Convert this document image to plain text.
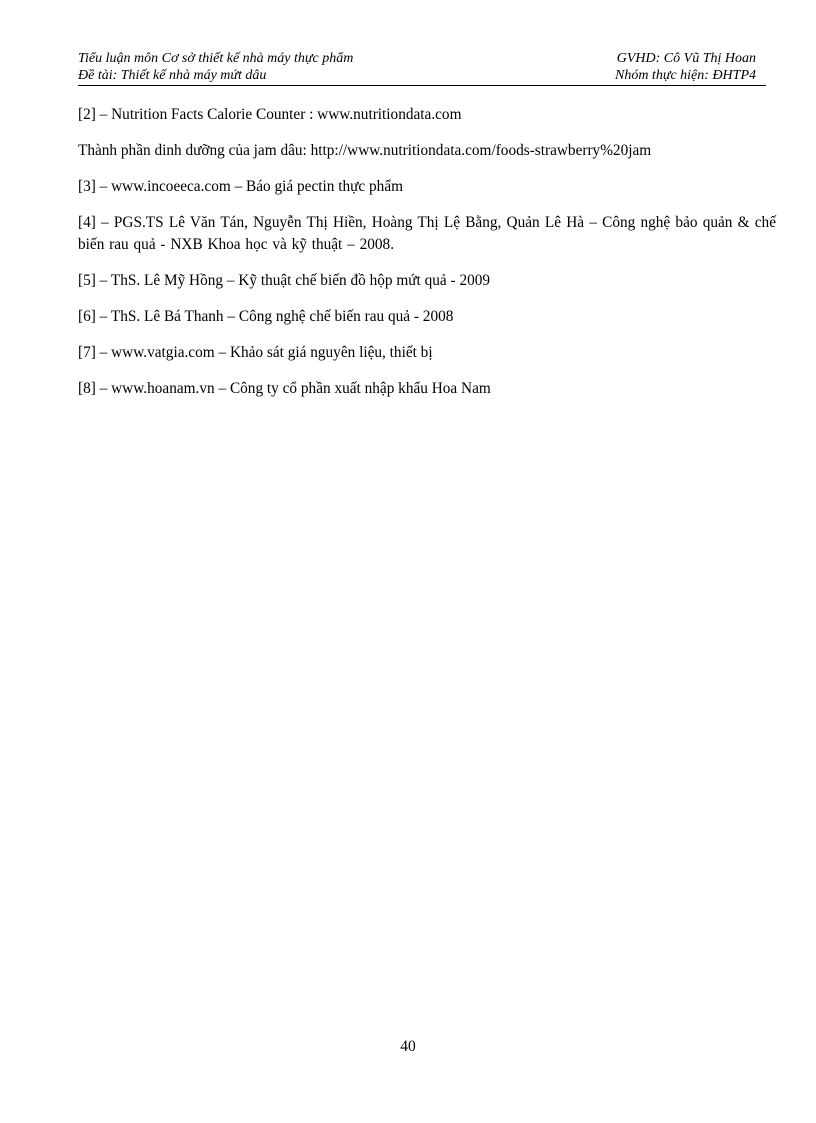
Tiểu luận môn Cơ sở thiết kế nhà máy thực phẩm	GVHD: Cô Vũ Thị Hoan
Đề tài: Thiết kế nhà máy mứt dâu	Nhóm thực hiện: ĐHTP4

[2] – Nutrition Facts Calorie Counter : www.nutritiondata.com

Thành phần dinh dưỡng của jam dâu: http://www.nutritiondata.com/foods-strawberry%20jam

[3] – www.incoeeca.com – Báo giá pectin thực phẩm

[4] – PGS.TS Lê Văn Tán, Nguyễn Thị Hiền, Hoàng Thị Lệ Bằng, Quản Lê Hà – Công nghệ bảo quản & chế biến rau quả - NXB Khoa học và kỹ thuật – 2008.

[5] – ThS. Lê Mỹ Hồng – Kỹ thuật chế biến đồ hộp mứt quả - 2009

[6] – ThS. Lê Bá Thanh – Công nghệ chế biến rau quả - 2008

[7] – www.vatgia.com – Khảo sát giá nguyên liệu, thiết bị

[8] – www.hoanam.vn – Công ty cổ phần xuất nhập khẩu Hoa Nam

40
